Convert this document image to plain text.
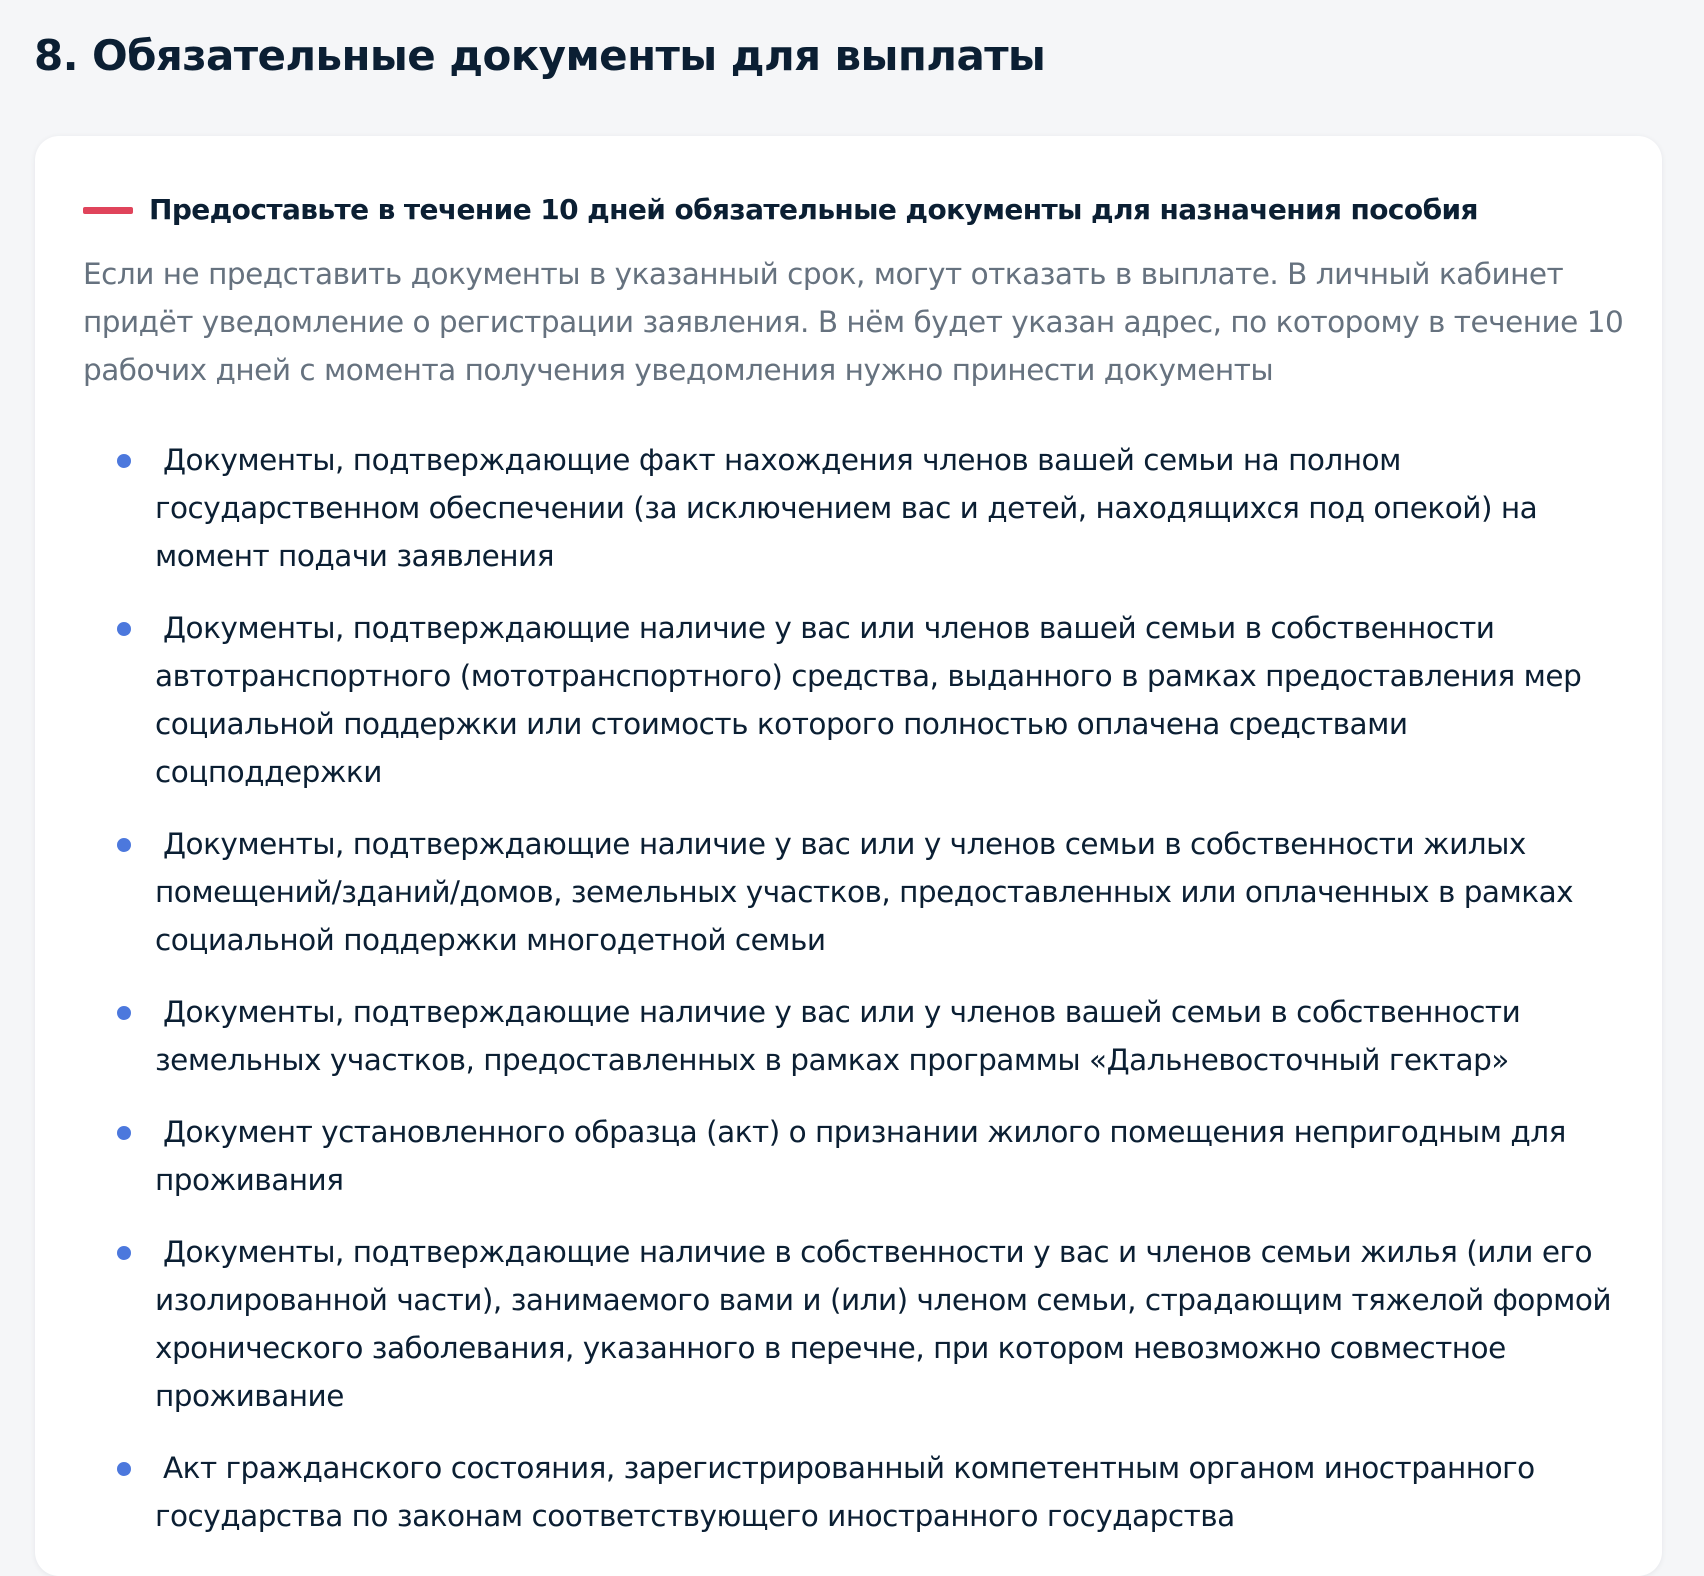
8. Обязательные документы для выплаты
Предоставьте в течение 10 дней обязательные документы для назначения пособия

Если не представить документы в указанный срок, могут отказать в выплате. В личный кабинет придёт уведомление о регистрации заявления. В нём будет указан адрес, по которому в течение 10 рабочих дней с момента получения уведомления нужно принести документы

Документы, подтверждающие факт нахождения членов вашей семьи на полном государственном обеспечении (за исключением вас и детей, находящихся под опекой) на момент подачи заявления
Документы, подтверждающие наличие у вас или членов вашей семьи в собственности автотранспортного (мототранспортного) средства, выданного в рамках предоставления мер социальной поддержки или стоимость которого полностью оплачена средствами соцподдержки
Документы, подтверждающие наличие у вас или у членов семьи в собственности жилых помещений/зданий/домов, земельных участков, предоставленных или оплаченных в рамках социальной поддержки многодетной семьи
Документы, подтверждающие наличие у вас или у членов вашей семьи в собственности земельных участков, предоставленных в рамках программы «Дальневосточный гектар»
Документ установленного образца (акт) о признании жилого помещения непригодным для проживания
Документы, подтверждающие наличие в собственности у вас и членов семьи жилья (или его изолированной части), занимаемого вами и (или) членом семьи, страдающим тяжелой формой хронического заболевания, указанного в перечне, при котором невозможно совместное проживание
Акт гражданского состояния, зарегистрированный компетентным органом иностранного государства по законам соответствующего иностранного государства
